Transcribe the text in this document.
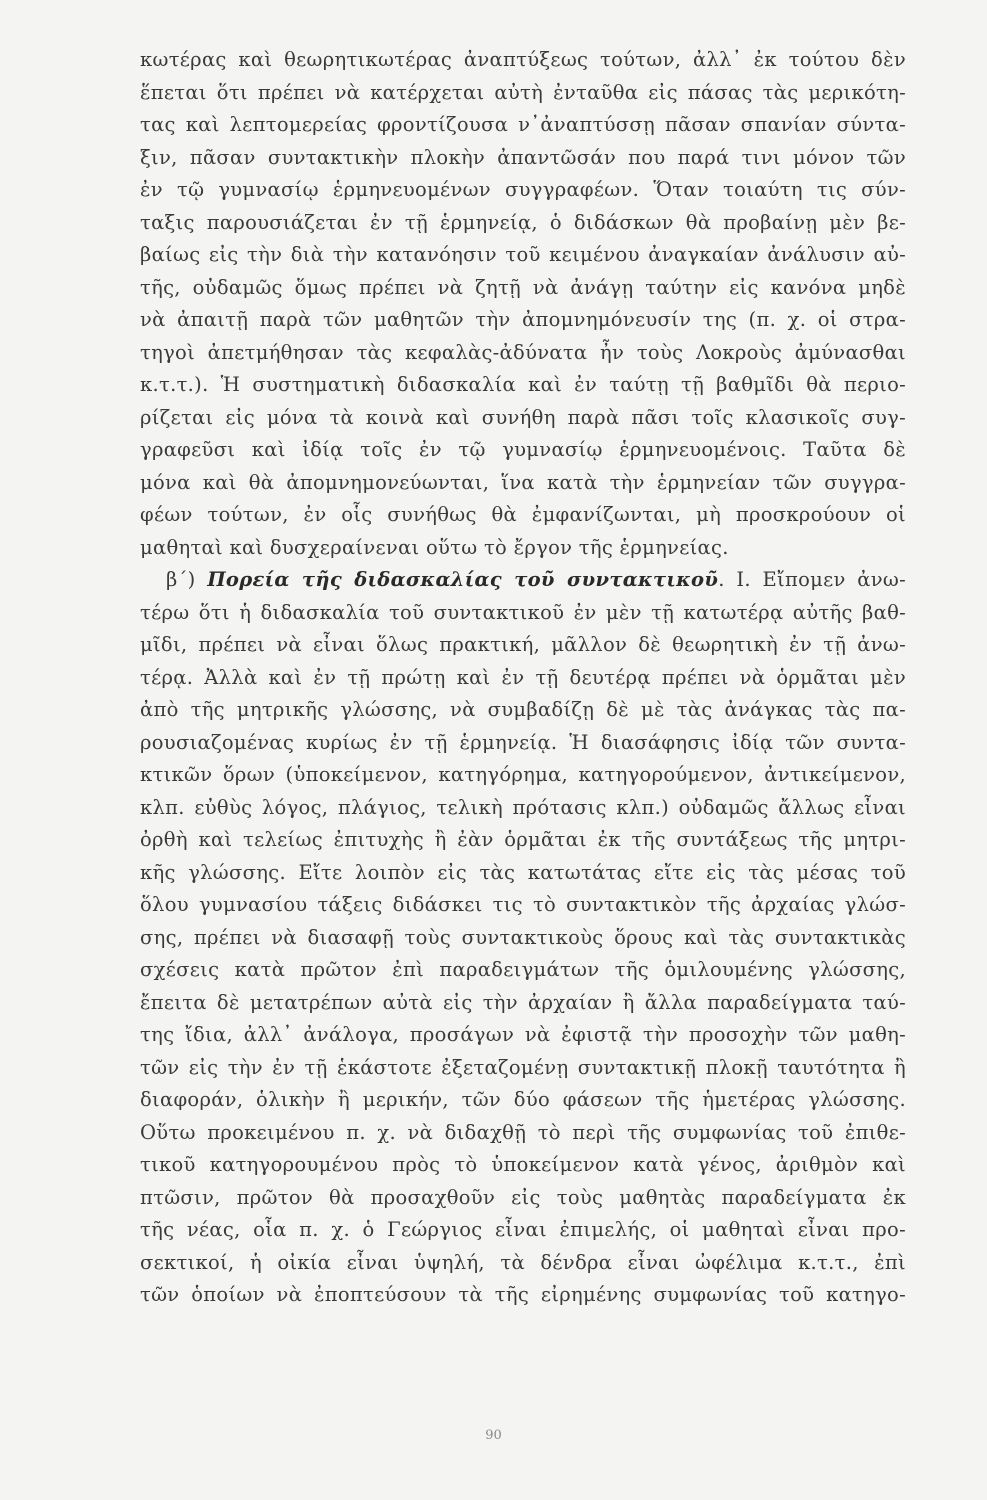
κωτέρας καὶ θεωρητικωτέρας ἀναπτύξεως τούτων, ἀλλ᾿ ἐκ τούτου δὲν
ἕπεται ὅτι πρέπει νὰ κατέρχεται αὐτὴ ἐνταῦθα εἰς πάσας τὰς μερικότη-
τας καὶ λεπτομερείας φροντίζουσα ν᾿ἀναπτύσσῃ πᾶσαν σπανίαν σύντα-
ξιν, πᾶσαν συντακτικὴν πλοκὴν ἀπαντῶσάν που παρά τινι μόνον τῶν
ἐν τῷ γυμνασίῳ ἑρμηνευομένων συγγραφέων. Ὅταν τοιαύτη τις σύν-
ταξις παρουσιάζεται ἐν τῇ ἑρμηνείᾳ, ὁ διδάσκων θὰ προβαίνῃ μὲν βε-
βαίως εἰς τὴν διὰ τὴν κατανόησιν τοῦ κειμένου ἀναγκαίαν ἀνάλυσιν αὐ-
τῆς, οὐδαμῶς ὅμως πρέπει νὰ ζητῇ νὰ ἀνάγῃ ταύτην εἰς κανόνα μηδὲ
νὰ ἀπαιτῇ παρὰ τῶν μαθητῶν τὴν ἀπομνημόνευσίν της (π. χ. οἱ στρα-
τηγοὶ ἀπετμήθησαν τὰς κεφαλὰς-ἀδύνατα ἦν τοὺς Λοκροὺς ἀμύνασθαι
κ.τ.τ.). Ἡ συστηματικὴ διδασκαλία καὶ ἐν ταύτῃ τῇ βαθμῖδι θὰ περιο-
ρίζεται εἰς μόνα τὰ κοινὰ καὶ συνήθη παρὰ πᾶσι τοῖς κλασικοῖς συγ-
γραφεῦσι καὶ ἰδίᾳ τοῖς ἐν τῷ γυμνασίῳ ἑρμηνευομένοις. Ταῦτα δὲ
μόνα καὶ θὰ ἀπομνημονεύωνται, ἵνα κατὰ τὴν ἑρμηνείαν τῶν συγγρα-
φέων τούτων, ἐν οἷς συνήθως θὰ ἐμφανίζωνται, μὴ προσκρούουν οἱ
μαθηταὶ καὶ δυσχεραίνεναι οὕτω τὸ ἔργον τῆς ἑρμηνείας.
β΄) Πορεία τῆς διδασκαλίας τοῦ συντακτικοῦ. Ι. Εἴπομεν ἀνω-
τέρω ὅτι ἡ διδασκαλία τοῦ συντακτικοῦ ἐν μὲν τῇ κατωτέρᾳ αὐτῆς βαθ-
μῖδι, πρέπει νὰ εἶναι ὅλως πρακτική, μᾶλλον δὲ θεωρητικὴ ἐν τῇ ἀνω-
τέρᾳ. Ἀλλὰ καὶ ἐν τῇ πρώτῃ καὶ ἐν τῇ δευτέρᾳ πρέπει νὰ ὁρμᾶται μὲν
ἀπὸ τῆς μητρικῆς γλώσσης, νὰ συμβαδίζῃ δὲ μὲ τὰς ἀνάγκας τὰς πα-
ρουσιαζομένας κυρίως ἐν τῇ ἑρμηνείᾳ. Ἡ διασάφησις ἰδίᾳ τῶν συντα-
κτικῶν ὅρων (ὑποκείμενον, κατηγόρημα, κατηγορούμενον, ἀντικείμενον,
κλπ. εὐθὺς λόγος, πλάγιος, τελικὴ πρότασις κλπ.) οὐδαμῶς ἄλλως εἶναι
ὀρθὴ καὶ τελείως ἐπιτυχὴς ἢ ἐὰν ὁρμᾶται ἐκ τῆς συντάξεως τῆς μητρι-
κῆς γλώσσης. Εἴτε λοιπὸν εἰς τὰς κατωτάτας εἴτε εἰς τὰς μέσας τοῦ
ὅλου γυμνασίου τάξεις διδάσκει τις τὸ συντακτικὸν τῆς ἀρχαίας γλώσ-
σης, πρέπει νὰ διασαφῇ τοὺς συντακτικοὺς ὅρους καὶ τὰς συντακτικὰς
σχέσεις κατὰ πρῶτον ἐπὶ παραδειγμάτων τῆς ὁμιλουμένης γλώσσης,
ἔπειτα δὲ μετατρέπων αὐτὰ εἰς τὴν ἀρχαίαν ἢ ἄλλα παραδείγματα ταύ-
της ἴδια, ἀλλ᾿ ἀνάλογα, προσάγων νὰ ἐφιστᾷ τὴν προσοχὴν τῶν μαθη-
τῶν εἰς τὴν ἐν τῇ ἑκάστοτε ἐξεταζομένῃ συντακτικῇ πλοκῇ ταυτότητα ἢ
διαφοράν, ὁλικὴν ἢ μερικήν, τῶν δύο φάσεων τῆς ἡμετέρας γλώσσης.
Οὕτω προκειμένου π. χ. νὰ διδαχθῇ τὸ περὶ τῆς συμφωνίας τοῦ ἐπιθε-
τικοῦ κατηγορουμένου πρὸς τὸ ὑποκείμενον κατὰ γένος, ἀριθμὸν καὶ
πτῶσιν, πρῶτον θὰ προσαχθοῦν εἰς τοὺς μαθητὰς παραδείγματα ἐκ
τῆς νέας, οἷα π. χ. ὁ Γεώργιος εἶναι ἐπιμελής, οἱ μαθηταὶ εἶναι προ-
σεκτικοί, ἡ οἰκία εἶναι ὑψηλή, τὰ δένδρα εἶναι ὠφέλιμα κ.τ.τ., ἐπὶ
τῶν ὁποίων νὰ ἐποπτεύσουν τὰ τῆς εἰρημένης συμφωνίας τοῦ κατηγο-
90
